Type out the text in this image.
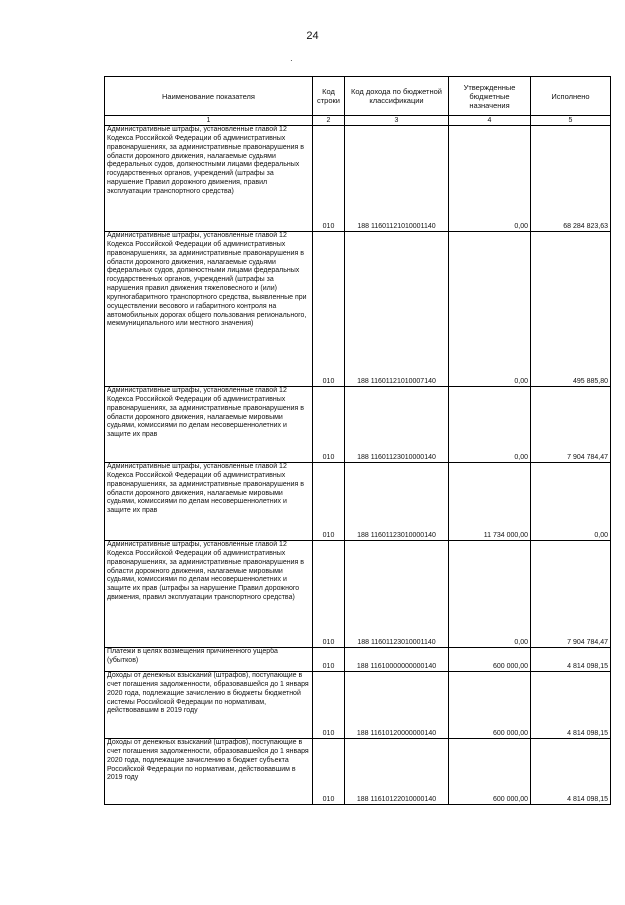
24
·
Наименование показателя	Код строки	Код дохода по бюджетной классификации	Утвержденные бюджетные назначения	Исполнено
1	2	3	4	5
Административные штрафы, установленные главой 12 Кодекса Российской Федерации об административных правонарушениях, за административные правонарушения в области дорожного движения, налагаемые судьями федеральных судов, должностными лицами федеральных государственных органов, учреждений (штрафы за нарушение Правил дорожного движения, правил эксплуатации транспортного средства)	010	188 11601121010001140	0,00	68 284 823,63
Административные штрафы, установленные главой 12 Кодекса Российской Федерации об административных правонарушениях, за административные правонарушения в области дорожного движения, налагаемые судьями федеральных судов, должностными лицами федеральных государственных органов, учреждений (штрафы за нарушения правил движения тяжеловесного и (или) крупногабаритного транспортного средства, выявленные при осуществлении весового и габаритного контроля на автомобильных дорогах общего пользования регионального, межмуниципального или местного значения)	010	188 11601121010007140	0,00	495 885,80
Административные штрафы, установленные главой 12 Кодекса Российской Федерации об административных правонарушениях, за административные правонарушения в области дорожного движения, налагаемые мировыми судьями, комиссиями по делам несовершеннолетних и защите их прав	010	188 11601123010000140	0,00	7 904 784,47
Административные штрафы, установленные главой 12 Кодекса Российской Федерации об административных правонарушениях, за административные правонарушения в области дорожного движения, налагаемые мировыми судьями, комиссиями по делам несовершеннолетних и защите их прав	010	188 11601123010000140	11 734 000,00	0,00
Административные штрафы, установленные главой 12 Кодекса Российской Федерации об административных правонарушениях, за административные правонарушения в области дорожного движения, налагаемые мировыми судьями, комиссиями по делам несовершеннолетних и защите их прав (штрафы за нарушение Правил дорожного движения, правил эксплуатации транспортного средства)	010	188 11601123010001140	0,00	7 904 784,47
Платежи в целях возмещения причиненного ущерба (убытков)	010	188 11610000000000140	600 000,00	4 814 098,15
Доходы от денежных взысканий (штрафов), поступающие в счет погашения задолженности, образовавшейся до 1 января 2020 года, подлежащие зачислению в бюджеты бюджетной системы Российской Федерации по нормативам, действовавшим в 2019 году	010	188 11610120000000140	600 000,00	4 814 098,15
Доходы от денежных взысканий (штрафов), поступающие в счет погашения задолженности, образовавшейся до 1 января 2020 года, подлежащие зачислению в бюджет субъекта Российской Федерации по нормативам, действовавшим в 2019 году	010	188 11610122010000140	600 000,00	4 814 098,15
